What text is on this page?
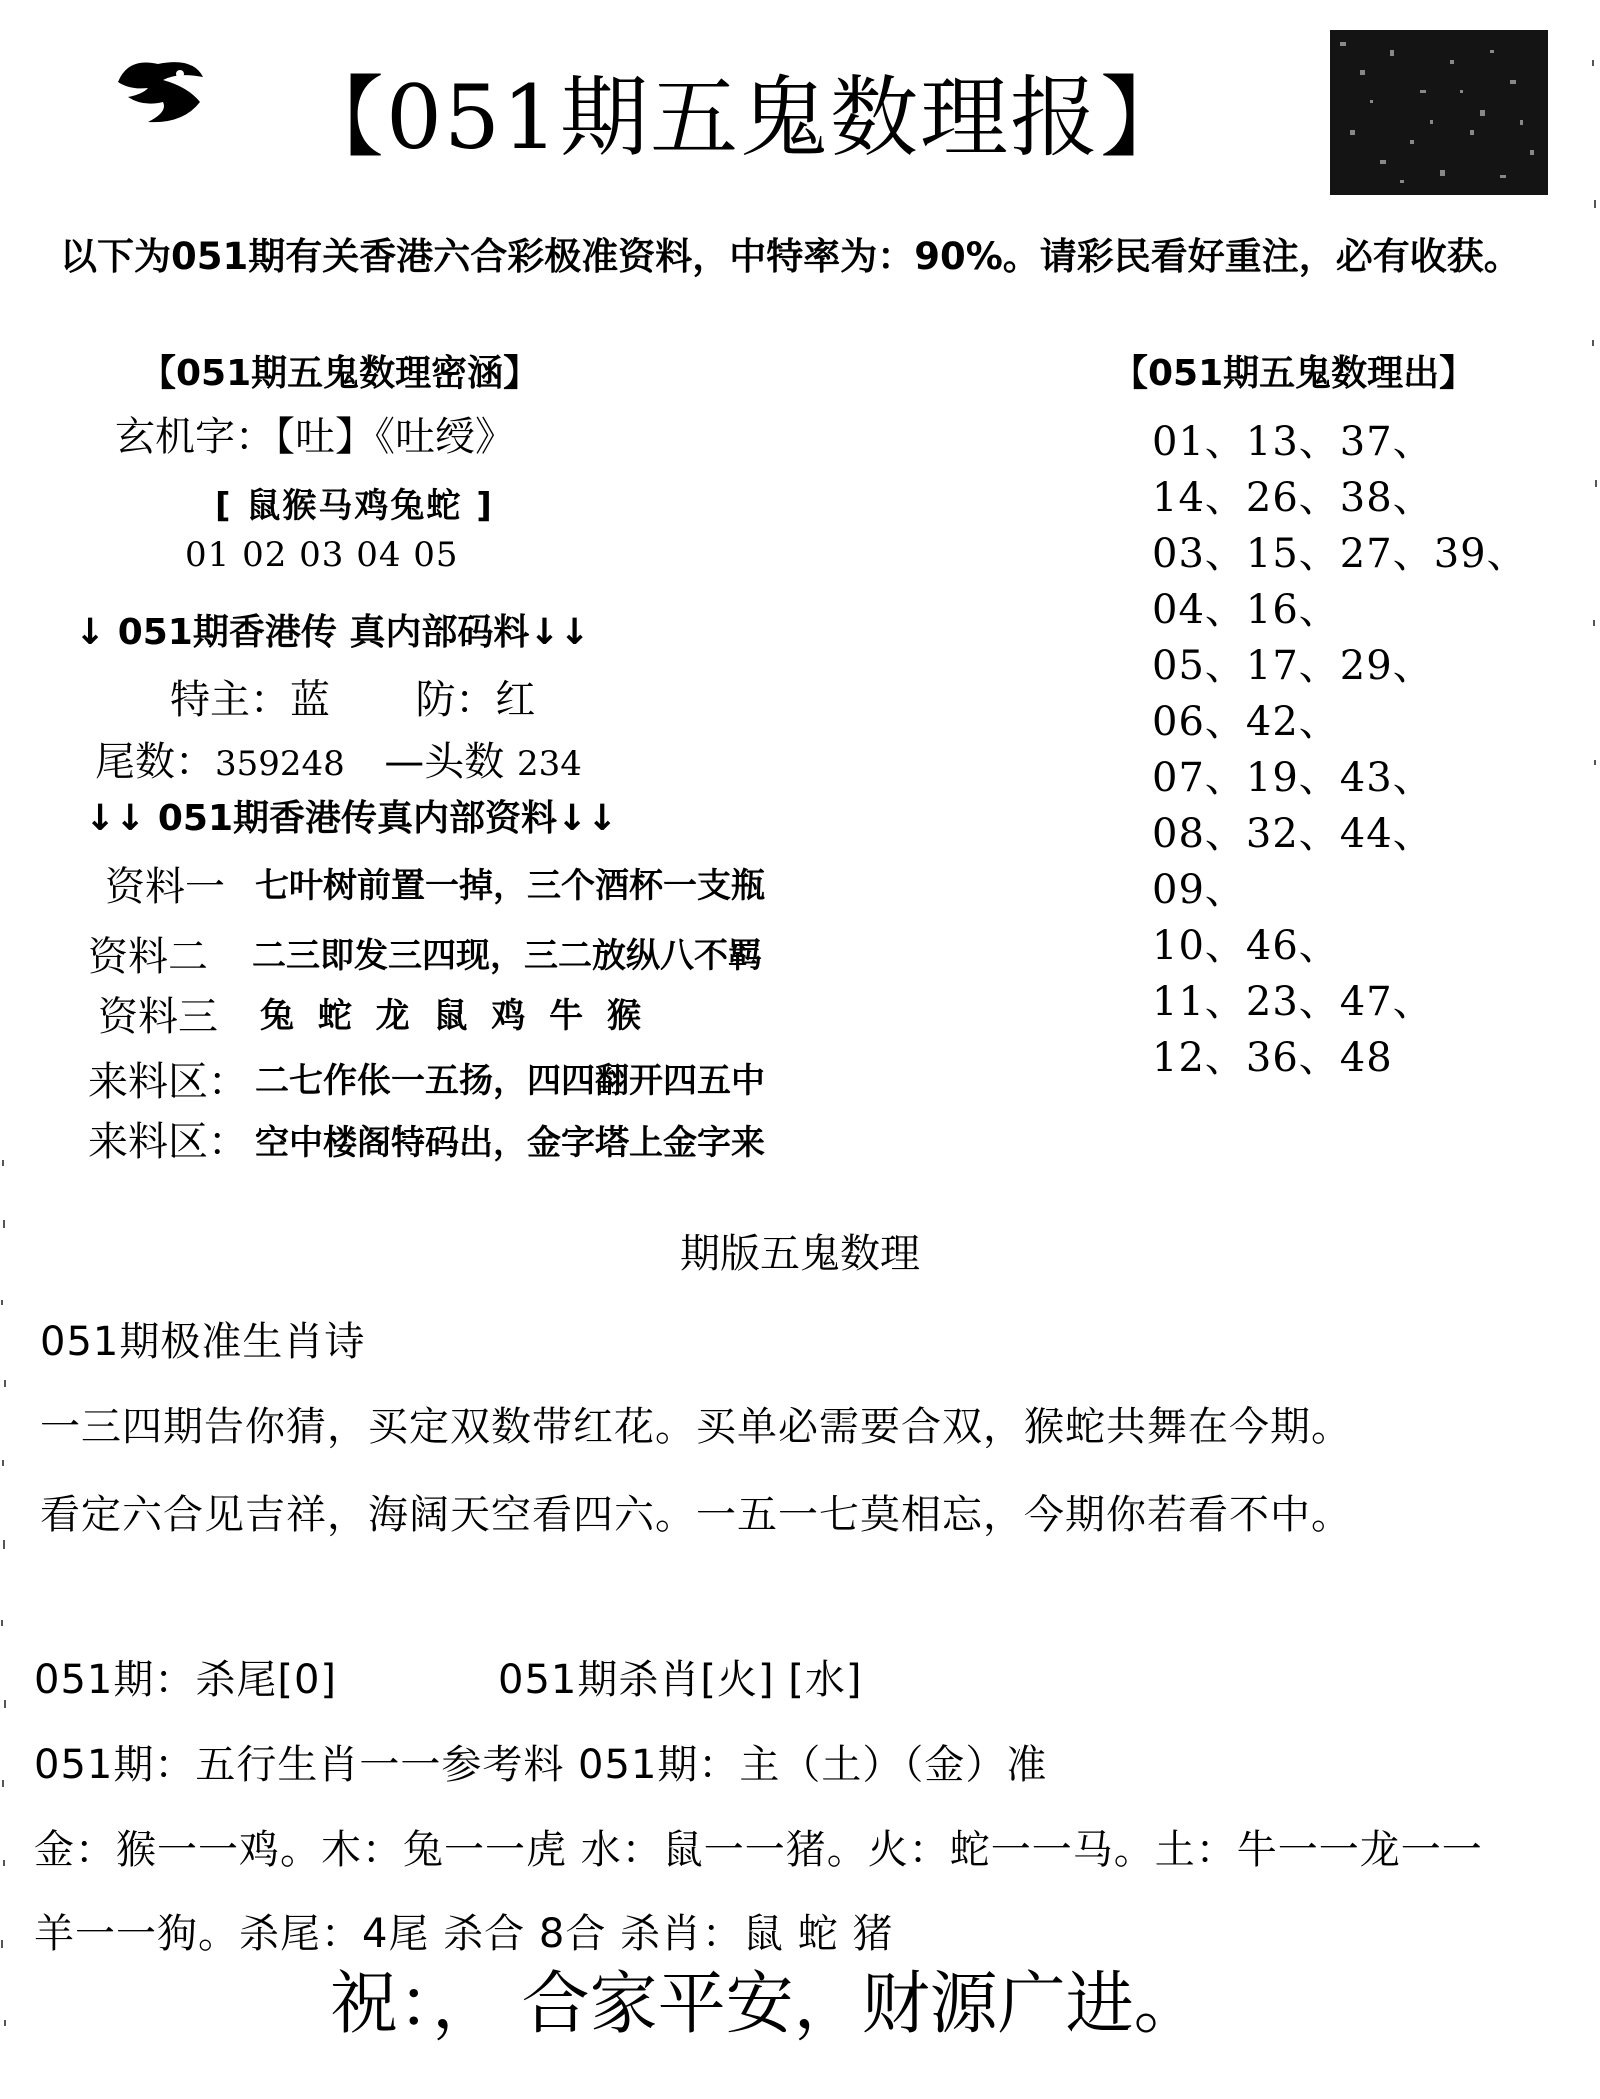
【051期五鬼数理报】
以下为051期有关香港六合彩极准资料，中特率为：90%。请彩民看好重注，必有收获。
【051期五鬼数理密涵】
玄机字：【吐】《吐绶》
[ 鼠猴马鸡兔蛇 ]
01 02 03 04 05
↓ 051期香港传 真内部码料↓↓
特主：蓝 防：红
尾数：359248 —头数 234
↓↓ 051期香港传真内部资料↓↓
资料一 七叶树前置一掉，三个酒杯一支瓶
资料二 二三即发三四现，三二放纵八不羁
资料三 兔 蛇 龙 鼠 鸡 牛 猴
来料区： 二七作伥一五扬，四四翻开四五中
来料区： 空中楼阁特码出，金字塔上金字来
【051期五鬼数理出】
01、13、37、
14、26、38、
03、15、27、39、
04、16、
05、17、29、
06、42、
07、19、43、
08、32、44、
09、
10、46、
11、23、47、
12、36、48
期版五鬼数理
051期极准生肖诗
一三四期告你猜，买定双数带红花。买单必需要合双，猴蛇共舞在今期。
看定六合见吉祥，海阔天空看四六。一五一七莫相忘，今期你若看不中。
051期：杀尾[0]	051期杀肖[火] [水]
051期：五行生肖一一参考料 051期：主（土）（金）准
金：猴一一鸡。木：兔一一虎 水：鼠一一猪。火：蛇一一马。土：牛一一龙一一
羊一一狗。杀尾：4尾 杀合 8合 杀肖：鼠 蛇 猪
祝：， 合家平安，财源广进。
